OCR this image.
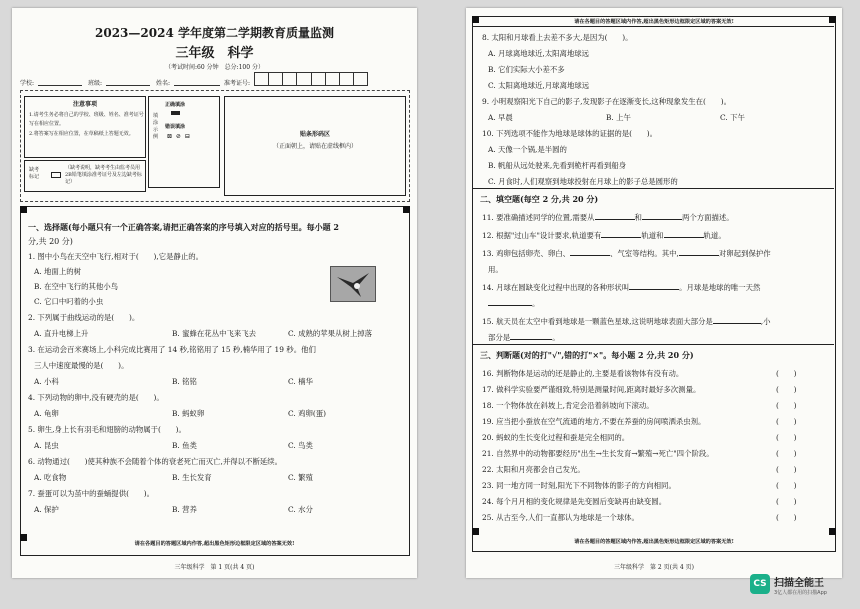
2023—2024 学年度第二学期教育质量监测
三年级　科学
（考试时间:60 分钟　总分:100 分）
学校:	班级:	姓名:	准考证号:
注意事项
1.请考生务必将自己的学校、班级、姓名、准考证号
写在相应位置。
2.将答案写在相应位置，在草稿纸上答题无效。
填涂示例
正确填涂
错误填涂
⊠ ⊘ ⊟	贴条形码区
（正面朝上，请贴在虚线框内）
缺考标记
（缺考说明，缺考考生由监考员用2B铅笔填涂准考证号及左边缺考标记）
一、选择题(每小题只有一个正确答案,请把正确答案的序号填入对应的括号里。每小题 2
分,共 20 分)
1. 图中小鸟在天空中飞行,相对于(　　),它是静止的。
A. 地面上的树
B. 在空中飞行的其他小鸟
C. 它口中叼着的小虫
2. 下列属于曲线运动的是(　　)。
A. 直升电梯上升	B. 蜜蜂在花丛中飞来飞去	C. 成熟的苹果从树上掉落
3. 在运动会百米赛场上,小科完成比赛用了 14 秒,铭铭用了 15 秒,楠华用了 19 秒。他们
三人中速度最慢的是(　　)。
A. 小科	B. 铭铭	C. 楠华
4. 下列动物的卵中,没有硬壳的是(　　)。
A. 龟卵	B. 蚂蚁卵	C. 鸡卵(蛋)
5. 卵生,身上长有羽毛和翅膀的动物属于(　　)。
A. 昆虫	B. 鱼类	C. 鸟类
6. 动物通过(　　)使其种族不会随着个体的衰老死亡而灭亡,并得以不断延续。
A. 吃食物	B. 生长发育	C. 繁殖
7. 蚕蛋可以为茧中的蚕蛹提供(　　)。
A. 保护	B. 营养	C. 水分
请在各题目的答题区域内作答,超出黑色矩形边框限定区域的答案无效!
三年级科学　第 1 页(共 4 页)
请在各题目的答题区域内作答,超出黑色矩形边框限定区域的答案无效!
8. 太阳和月球看上去差不多大,是因为(　　)。
A. 月球离地球近,太阳离地球远
B. 它们实际大小差不多
C. 太阳离地球近,月球离地球远
9. 小明观察阳光下自己的影子,发现影子在逐渐变长,这种现象发生在(　　)。
A. 早晨	B. 上午	C. 下午
10. 下列选项不能作为地球是球体的证据的是(　　)。
A. 天像一个锅,是半圆的
B. 帆船从远处驶来,先看到桅杆再看到船身
C. 月食时,人们观察到地球投射在月球上的影子总是圆形的
二、填空题(每空 2 分,共 20 分)
11. 要准确描述同学的位置,需要从	和	两个方面描述。
12. 根据"过山车"设计要求,轨道要有	轨道和	轨道。
13. 鸡卵包括卵壳、卵白、	、气室等结构。其中,	对卵起到保护作
用。
14. 月球在圆缺变化过程中出现的各种形状叫	。月球是地球的唯一天然
。
15. 航天员在太空中看到地球是一颗蓝色星球,这说明地球表面大部分是	,小
部分是	。
三、判断题(对的打"√",错的打"×"。每小题 2 分,共 20 分)
16. 判断物体是运动的还是静止的,主要是看该物体有没有动。	(　　)
17. 做科学实验要严谨细致,特别是测量时间,距离时最好多次测量。	(　　)
18. 一个物体放在斜坡上,肯定会沿着斜坡向下滚动。	(　　)
19. 应当把小蚕放在空气流通的地方,不要在养蚕的房间喷洒杀虫剂。	(　　)
20. 蚂蚁的生长变化过程和蚕是完全相同的。	(　　)
21. 自然界中的动物都要经历"出生→生长发育→繁殖→死亡"四个阶段。	(　　)
22. 太阳和月亮都会自己发光。	(　　)
23. 同一地方同一时刻,阳光下不同物体的影子的方向相同。	(　　)
24. 每个月月相的变化规律是先变圆后变缺再由缺变圆。	(　　)
25. 从古至今,人们一直都认为地球是一个球体。	(　　)
请在各题目的答题区域内作答,超出黑色矩形边框限定区域的答案无效!
三年级科学　第 2 页(共 4 页)
CS 扫描全能王
3亿人都在用的扫描App
